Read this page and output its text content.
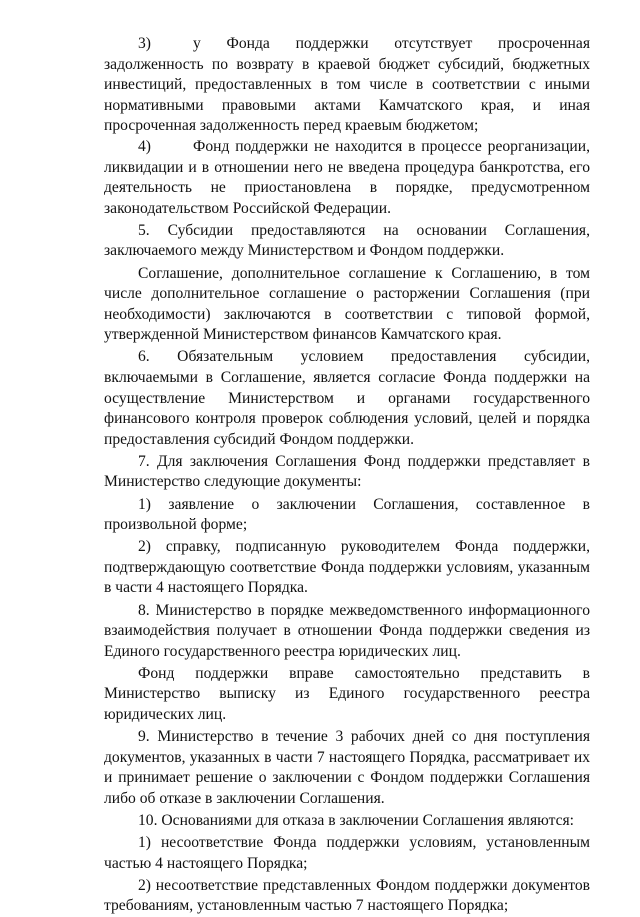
3)	у Фонда поддержки отсутствует просроченная задолженность по возврату в краевой бюджет субсидий, бюджетных инвестиций, предоставленных в том числе в соответствии с иными нормативными правовыми актами Камчатского края, и иная просроченная задолженность перед краевым бюджетом;

4)	Фонд поддержки не находится в процессе реорганизации, ликвидации и в отношении него не введена процедура банкротства, его деятельность не приостановлена в порядке, предусмотренном законодательством Российской Федерации.

5. Субсидии предоставляются на основании Соглашения, заключаемого между Министерством и Фондом поддержки.

Соглашение, дополнительное соглашение к Соглашению, в том числе дополнительное соглашение о расторжении Соглашения (при необходимости) заключаются в соответствии с типовой формой, утвержденной Министерством финансов Камчатского края.

6. Обязательным условием предоставления субсидии, включаемыми в Соглашение, является согласие Фонда поддержки на осуществление Министерством и органами государственного финансового контроля проверок соблюдения условий, целей и порядка предоставления субсидий Фондом поддержки.

7. Для заключения Соглашения Фонд поддержки представляет в Министерство следующие документы:

1) заявление о заключении Соглашения, составленное в произвольной форме;

2) справку, подписанную руководителем Фонда поддержки, подтверждающую соответствие Фонда поддержки условиям, указанным в части 4 настоящего Порядка.

8. Министерство в порядке межведомственного информационного взаимодействия получает в отношении Фонда поддержки сведения из Единого государственного реестра юридических лиц.

Фонд поддержки вправе самостоятельно представить в Министерство выписку из Единого государственного реестра юридических лиц.

9. Министерство в течение 3 рабочих дней со дня поступления документов, указанных в части 7 настоящего Порядка, рассматривает их и принимает решение о заключении с Фондом поддержки Соглашения либо об отказе в заключении Соглашения.

10. Основаниями для отказа в заключении Соглашения являются:

1) несоответствие Фонда поддержки условиям, установленным частью 4 настоящего Порядка;

2) несоответствие представленных Фондом поддержки документов требованиям, установленным частью 7 настоящего Порядка;
